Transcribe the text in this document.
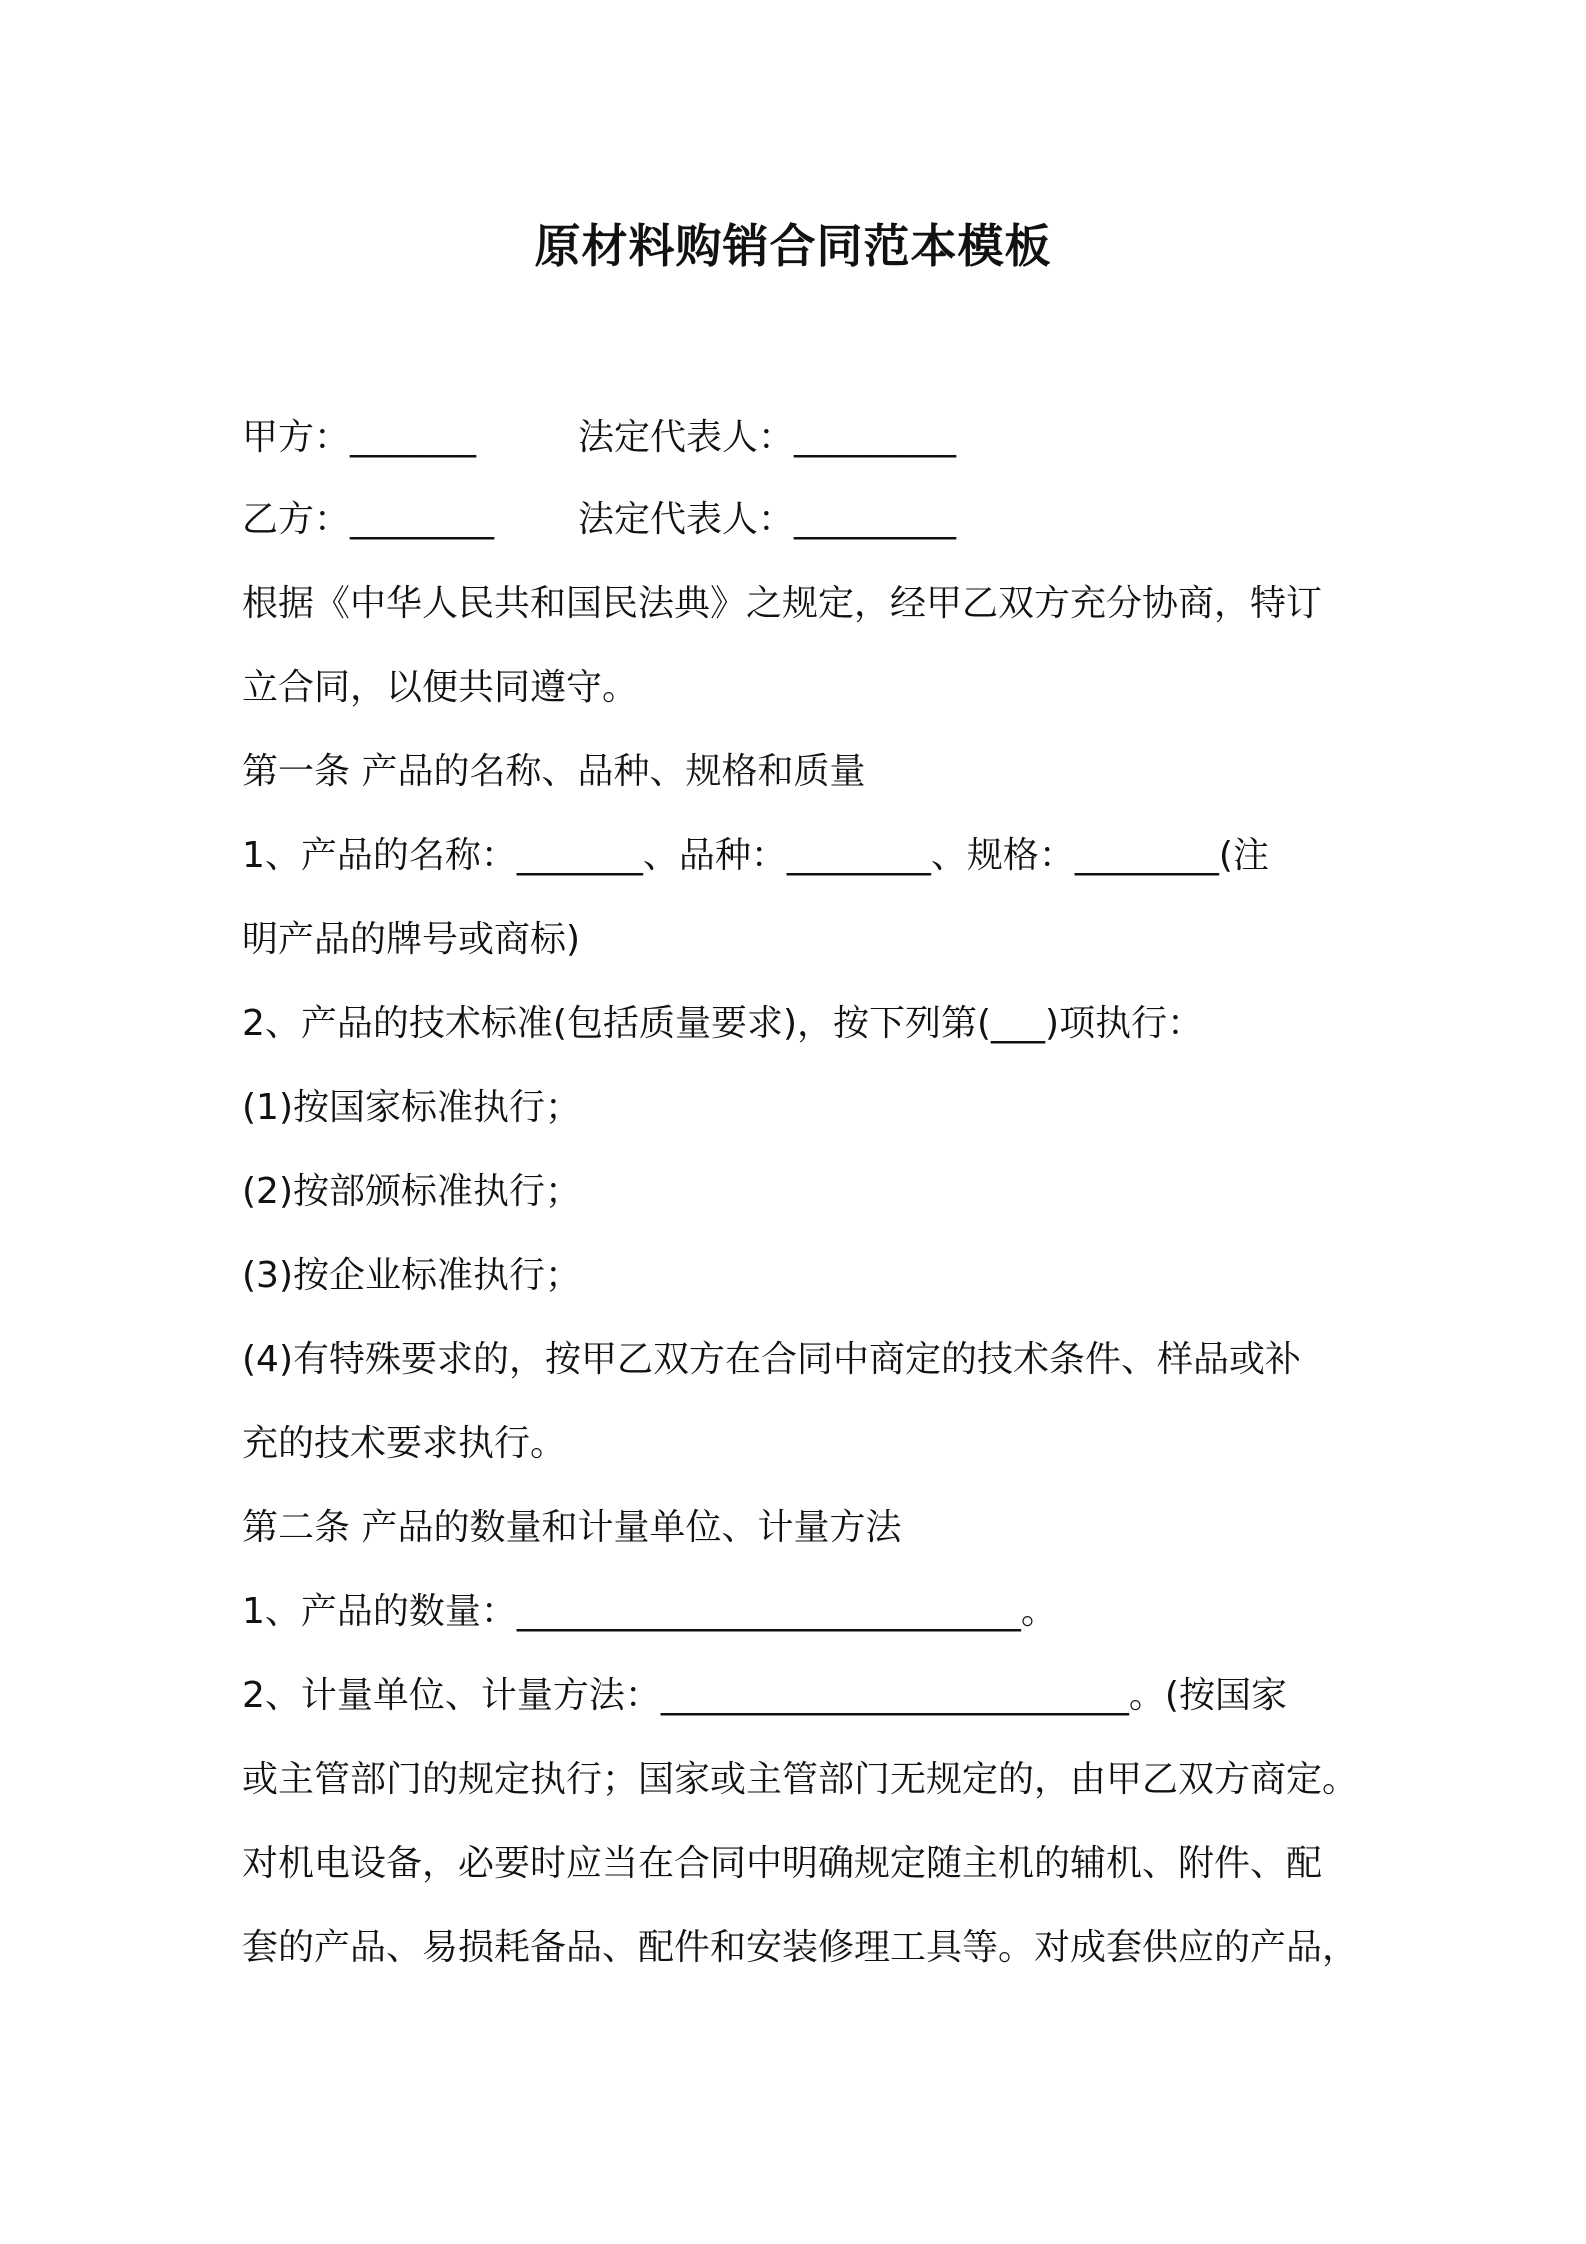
原材料购销合同范本模板
甲方：_______	法定代表人：_________
乙方：________ 法定代表人：_________
根据《中华人民共和国民法典》之规定，经甲乙双方充分协商，特订
立合同，以便共同遵守。
第一条 产品的名称、品种、规格和质量
1、产品的名称：_______、品种：________、规格：________(注
明产品的牌号或商标)
2、产品的技术标准(包括质量要求)，按下列第(___)项执行：
(1)按国家标准执行；
(2)按部颁标准执行；
(3)按企业标准执行；
(4)有特殊要求的，按甲乙双方在合同中商定的技术条件、样品或补
充的技术要求执行。
第二条 产品的数量和计量单位、计量方法
1、产品的数量：____________________________。
2、计量单位、计量方法：__________________________。(按国家
或主管部门的规定执行；国家或主管部门无规定的，由甲乙双方商定。
对机电设备，必要时应当在合同中明确规定随主机的辅机、附件、配
套的产品、易损耗备品、配件和安装修理工具等。对成套供应的产品，
